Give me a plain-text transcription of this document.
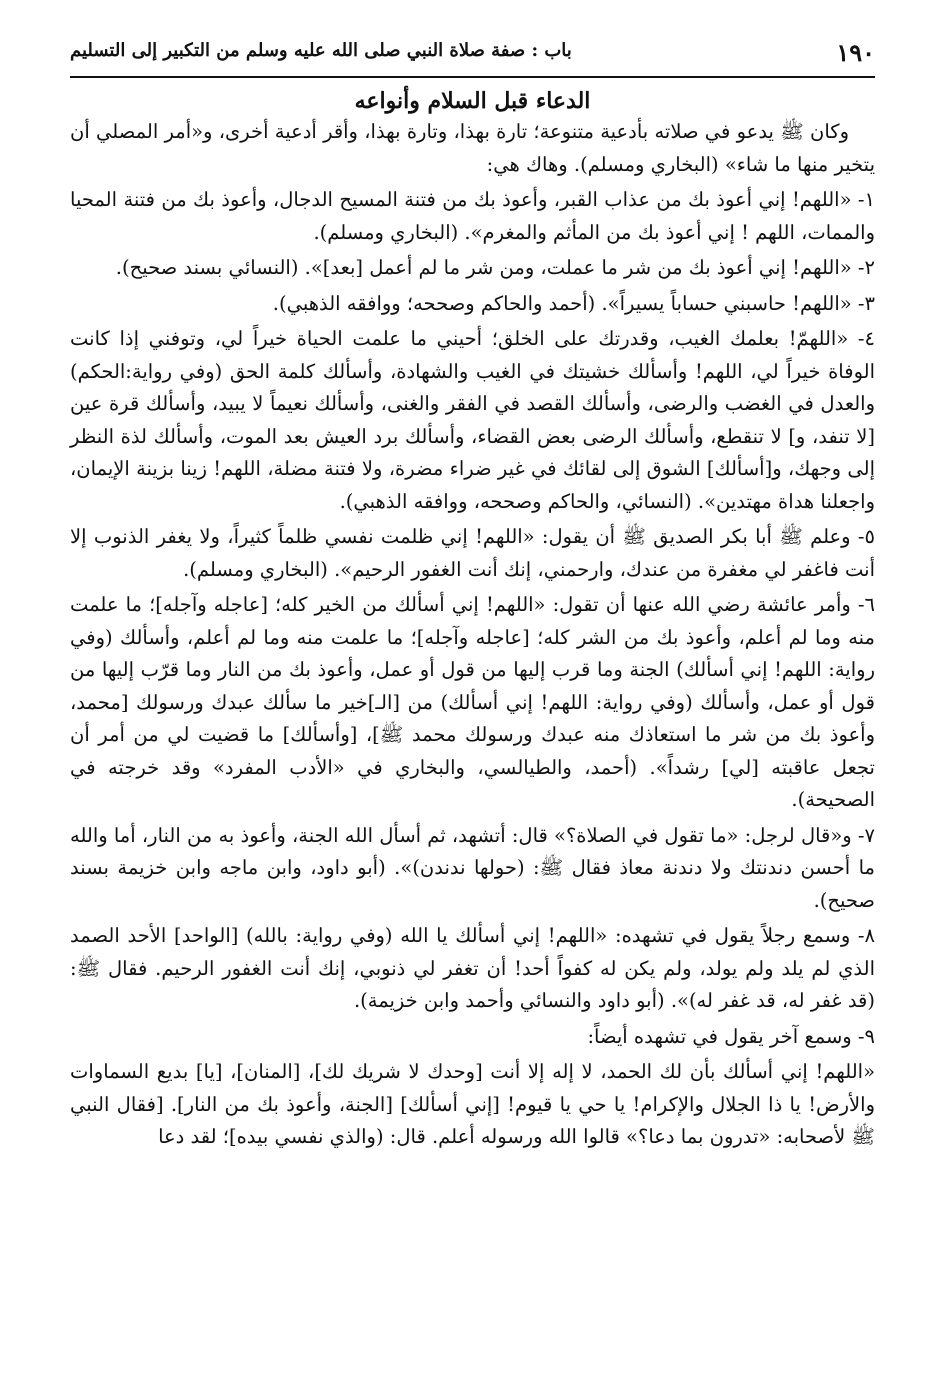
١٩٠
باب : صفة صلاة النبي صلى الله عليه وسلم من التكبير إلى التسليم
الدعاء قبل السلام وأنواعه

وكان ﷺ يدعو في صلاته بأدعية متنوعة؛ تارة بهذا، وتارة بهذا، وأقر أدعية أخرى، و«أمر المصلي أن يتخير منها ما شاء» (البخاري ومسلم). وهاك هي:

١- «اللهم! إني أعوذ بك من عذاب القبر، وأعوذ بك من فتنة المسيح الدجال، وأعوذ بك من فتنة المحيا والممات، اللهم ! إني أعوذ بك من المأثم والمغرم». (البخاري ومسلم).

٢- «اللهم! إني أعوذ بك من شر ما عملت، ومن شر ما لم أعمل [بعد]». (النسائي بسند صحيح).

٣- «اللهم! حاسبني حساباً يسيراً». (أحمد والحاكم وصححه؛ ووافقه الذهبي).

٤- «اللهمّ! بعلمك الغيب، وقدرتك على الخلق؛ أحيني ما علمت الحياة خيراً لي، وتوفني إذا كانت الوفاة خيراً لي، اللهم! وأسألك خشيتك في الغيب والشهادة، وأسألك كلمة الحق (وفي رواية:الحكم) والعدل في الغضب والرضى، وأسألك القصد في الفقر والغنى، وأسألك نعيماً لا يبيد، وأسألك قرة عين [لا تنفد، و] لا تنقطع، وأسألك الرضى بعض القضاء، وأسألك برد العيش بعد الموت، وأسألك لذة النظر إلى وجهك، و[أسألك] الشوق إلى لقائك في غير ضراء مضرة، ولا فتنة مضلة، اللهم! زينا بزينة الإيمان، واجعلنا هداة مهتدين». (النسائي، والحاكم وصححه، ووافقه الذهبي).

٥- وعلم ﷺ أبا بكر الصديق ﷺ أن يقول: «اللهم! إني ظلمت نفسي ظلماً كثيراً، ولا يغفر الذنوب إلا أنت فاغفر لي مغفرة من عندك، وارحمني، إنك أنت الغفور الرحيم». (البخاري ومسلم).

٦- وأمر عائشة رضي الله عنها أن تقول: «اللهم! إني أسألك من الخير كله؛ [عاجله وآجله]؛ ما علمت منه وما لم أعلم، وأعوذ بك من الشر كله؛ [عاجله وآجله]؛ ما علمت منه وما لم أعلم، وأسألك (وفي رواية: اللهم! إني أسألك) الجنة وما قرب إليها من قول أو عمل، وأعوذ بك من النار وما قرّب إليها من قول أو عمل، وأسألك (وفي رواية: اللهم! إني أسألك) من [الـ]خير ما سألك عبدك ورسولك [محمد، وأعوذ بك من شر ما استعاذك منه عبدك ورسولك محمد ﷺ]، [وأسألك] ما قضيت لي من أمر أن تجعل عاقبته [لي] رشداً». (أحمد، والطيالسي، والبخاري في «الأدب المفرد» وقد خرجته في الصحيحة).

٧- و«قال لرجل: «ما تقول في الصلاة؟» قال: أتشهد، ثم أسأل الله الجنة، وأعوذ به من النار، أما والله ما أحسن دندنتك ولا دندنة معاذ فقال ﷺ: (حولها ندندن)». (أبو داود، وابن ماجه وابن خزيمة بسند صحيح).

٨- وسمع رجلاً يقول في تشهده: «اللهم! إني أسألك يا الله (وفي رواية: بالله) [الواحد] الأحد الصمد الذي لم يلد ولم يولد، ولم يكن له كفواً أحد! أن تغفر لي ذنوبي، إنك أنت الغفور الرحيم. فقال ﷺ: (قد غفر له، قد غفر له)». (أبو داود والنسائي وأحمد وابن خزيمة).

٩- وسمع آخر يقول في تشهده أيضاً:

«اللهم! إني أسألك بأن لك الحمد، لا إله إلا أنت [وحدك لا شريك لك]، [المنان]، [يا] بديع السماوات والأرض! يا ذا الجلال والإكرام! يا حي يا قيوم! [إني أسألك] [الجنة، وأعوذ بك من النار]. [فقال النبي ﷺ لأصحابه: «تدرون بما دعا؟» قالوا الله ورسوله أعلم. قال: (والذي نفسي بيده]؛ لقد دعا
